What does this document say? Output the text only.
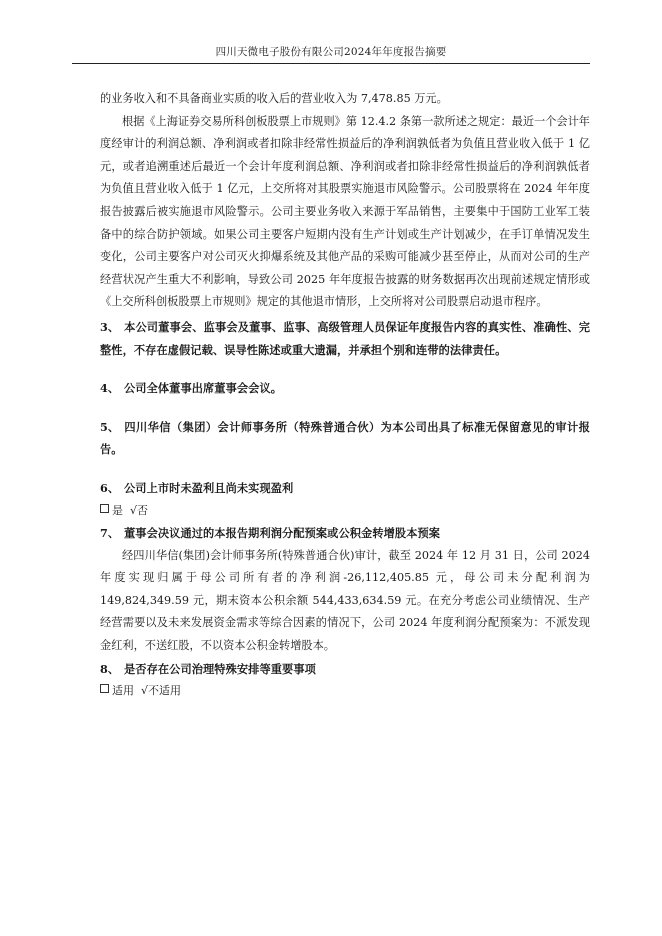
四川天微电子股份有限公司2024年年度报告摘要

的业务收入和不具备商业实质的收入后的营业收入为 7,478.85 万元。

根据《上海证券交易所科创板股票上市规则》第 12.4.2 条第一款所述之规定：最近一个会计年度经审计的利润总额、净利润或者扣除非经常性损益后的净利润孰低者为负值且营业收入低于 1 亿元，或者追溯重述后最近一个会计年度利润总额、净利润或者扣除非经常性损益后的净利润孰低者为负值且营业收入低于 1 亿元，上交所将对其股票实施退市风险警示。公司股票将在 2024 年年度报告披露后被实施退市风险警示。公司主要业务收入来源于军品销售，主要集中于国防工业军工装备中的综合防护领域。如果公司主要客户短期内没有生产计划或生产计划减少，在手订单情况发生变化，公司主要客户对公司灭火抑爆系统及其他产品的采购可能减少甚至停止，从而对公司的生产经营状况产生重大不利影响，导致公司 2025 年年度报告披露的财务数据再次出现前述规定情形或《上交所科创板股票上市规则》规定的其他退市情形，上交所将对公司股票启动退市程序。

3、 本公司董事会、监事会及董事、监事、高级管理人员保证年度报告内容的真实性、准确性、完整性，不存在虚假记载、误导性陈述或重大遗漏，并承担个别和连带的法律责任。

4、 公司全体董事出席董事会会议。

5、 四川华信（集团）会计师事务所（特殊普通合伙）为本公司出具了标准无保留意见的审计报告。

6、 公司上市时未盈利且尚未实现盈利

是 √否

7、 董事会决议通过的本报告期利润分配预案或公积金转增股本预案

经四川华信(集团)会计师事务所(特殊普通合伙)审计，截至 2024 年 12 月 31 日，公司 2024 年度实现归属于母公司所有者的净利润-26,112,405.85 元，母公司未分配利润为 149,824,349.59 元，期末资本公积余额 544,433,634.59 元。在充分考虑公司业绩情况、生产经营需要以及未来发展资金需求等综合因素的情况下，公司 2024 年度利润分配预案为：不派发现金红利，不送红股，不以资本公积金转增股本。

8、 是否存在公司治理特殊安排等重要事项

适用 √不适用
